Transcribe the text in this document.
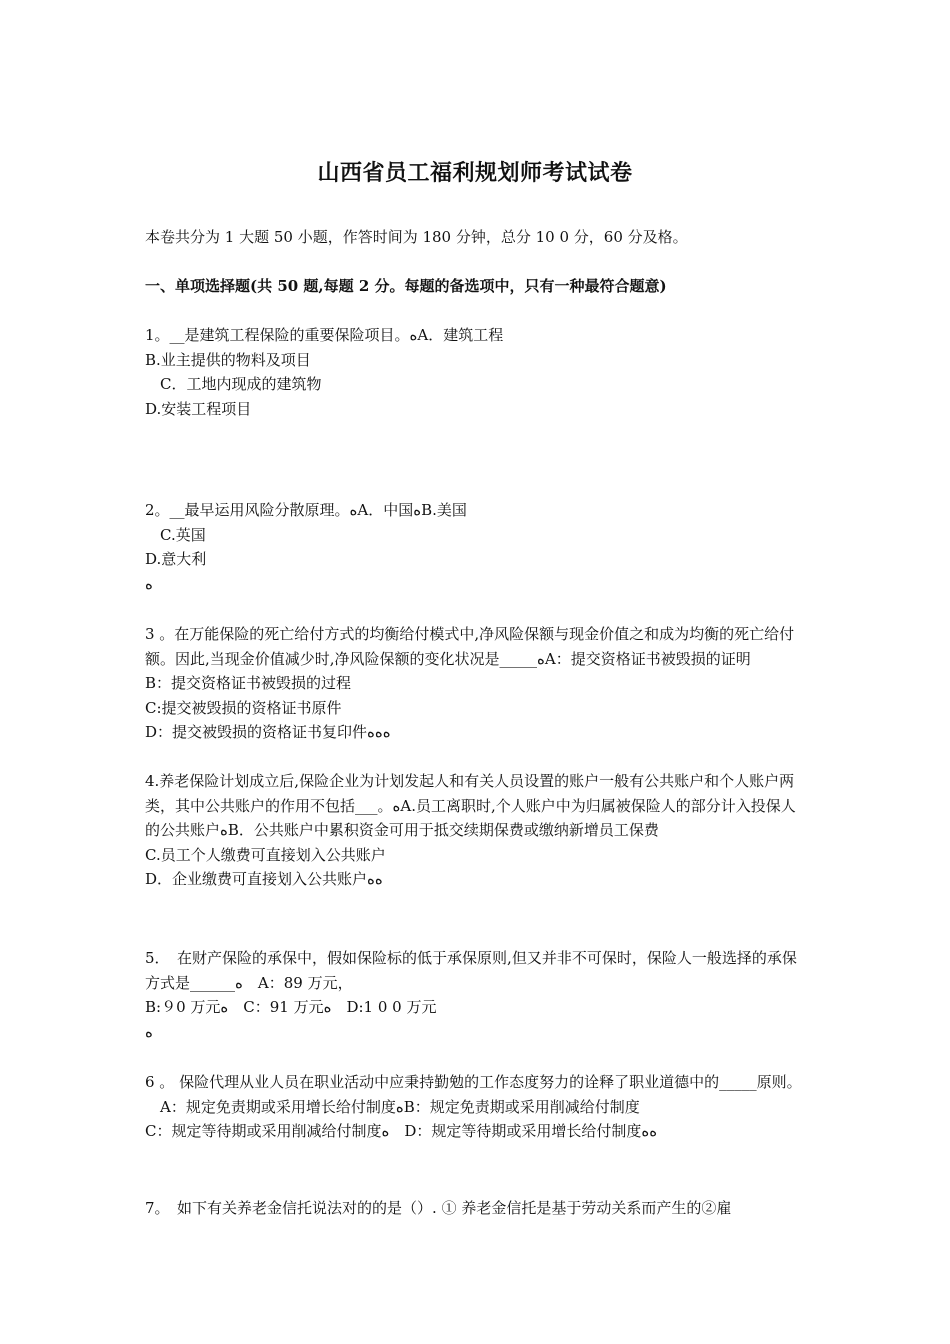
山西省员工福利规划师考试试卷
本卷共分为 1 大题 50 小题，作答时间为 180 分钟，总分 10 0 分，60 分及格。
一、单项选择题(共 50 题,每题 2 分。每题的备选项中，只有一种最符合题意)
1。__是建筑工程保险的重要保险项目。ﻩA．建筑工程
B.业主提供的物料及项目
C．工地内现成的建筑物
D.安装工程项目
2。__最早运用风险分散原理。ﻩA．中国ﻩB.美国
C.英国
D.意大利
ﻩ
3 。在万能保险的死亡给付方式的均衡给付模式中,净风险保额与现金价值之和成为均衡的死亡给付额。因此,当现金价值减少时,净风险保额的变化状况是_____ﻩA：提交资格证书被毁损的证明
B：提交资格证书被毁损的过程
C:提交被毁损的资格证书原件
D：提交被毁损的资格证书复印件ﻩﻩﻩ
4.养老保险计划成立后,保险企业为计划发起人和有关人员设置的账户一般有公共账户和个人账户两类，其中公共账户的作用不包括___。ﻩA.员工离职时,个人账户中为归属被保险人的部分计入投保人的公共账户ﻩB．公共账户中累积资金可用于抵交续期保费或缴纳新增员工保费
C.员工个人缴费可直接划入公共账户
D．企业缴费可直接划入公共账户ﻩﻩ
5．　在财产保险的承保中，假如保险标的低于承保原则,但又并非不可保时，保险人一般选择的承保方式是______ﻩ　A：89 万元，
B:９0 万元ﻩ　C：91 万元ﻩ　D:1 0 0 万元
ﻩ
6 。 保险代理从业人员在职业活动中应秉持勤勉的工作态度努力的诠释了职业道德中的_____原则。
A：规定免责期或采用增长给付制度ﻩB：规定免责期或采用削减给付制度
C：规定等待期或采用削减给付制度ﻩ　D：规定等待期或采用增长给付制度ﻩﻩ
7。　如下有关养老金信托说法对的的是（）. ① 养老金信托是基于劳动关系而产生的②雇
